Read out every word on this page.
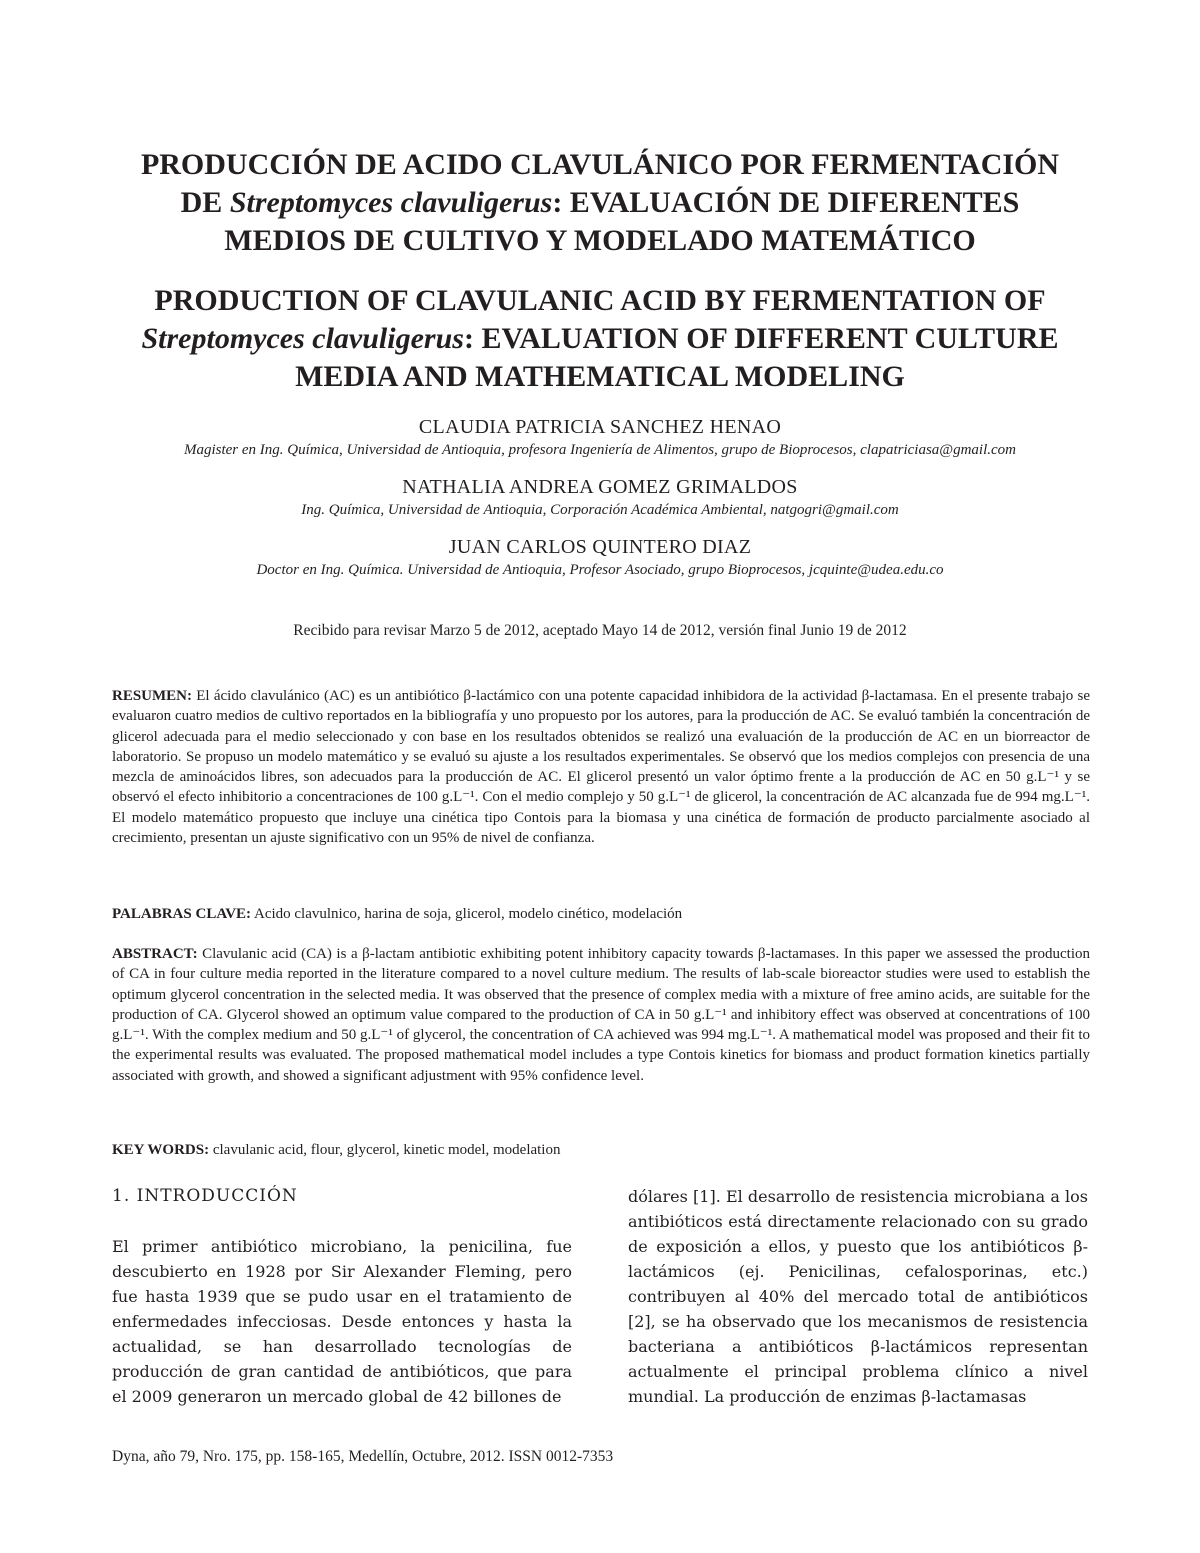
PRODUCCIÓN DE ACIDO CLAVULÁNICO POR FERMENTACIÓN
DE Streptomyces clavuligerus: EVALUACIÓN DE DIFERENTES
MEDIOS DE CULTIVO Y MODELADO MATEMÁTICO
PRODUCTION OF CLAVULANIC ACID BY FERMENTATION OF
Streptomyces clavuligerus: EVALUATION OF DIFFERENT CULTURE
MEDIA AND MATHEMATICAL MODELING
CLAUDIA PATRICIA SANCHEZ HENAO
Magister en Ing. Química, Universidad de Antioquia, profesora Ingeniería de Alimentos, grupo de Bioprocesos, clapatriciasa@gmail.com
NATHALIA ANDREA GOMEZ GRIMALDOS
Ing. Química, Universidad de Antioquia, Corporación Académica Ambiental, natgogri@gmail.com
JUAN CARLOS QUINTERO DIAZ
Doctor en Ing. Química. Universidad de Antioquia, Profesor Asociado, grupo Bioprocesos, jcquinte@udea.edu.co
Recibido para revisar Marzo 5 de 2012, aceptado Mayo 14 de 2012, versión final Junio 19 de 2012
RESUMEN: El ácido clavulánico (AC) es un antibiótico β-lactámico con una potente capacidad inhibidora de la actividad β-lactamasa. En el presente trabajo se evaluaron cuatro medios de cultivo reportados en la bibliografía y uno propuesto por los autores, para la producción de AC. Se evaluó también la concentración de glicerol adecuada para el medio seleccionado y con base en los resultados obtenidos se realizó una evaluación de la producción de AC en un biorreactor de laboratorio. Se propuso un modelo matemático y se evaluó su ajuste a los resultados experimentales. Se observó que los medios complejos con presencia de una mezcla de aminoácidos libres, son adecuados para la producción de AC. El glicerol presentó un valor óptimo frente a la producción de AC en 50 g.L⁻¹ y se observó el efecto inhibitorio a concentraciones de 100 g.L⁻¹. Con el medio complejo y 50 g.L⁻¹ de glicerol, la concentración de AC alcanzada fue de 994 mg.L⁻¹. El modelo matemático propuesto que incluye una cinética tipo Contois para la biomasa y una cinética de formación de producto parcialmente asociado al crecimiento, presentan un ajuste significativo con un 95% de nivel de confianza.
PALABRAS CLAVE: Acido clavulnico, harina de soja, glicerol, modelo cinético, modelación
ABSTRACT: Clavulanic acid (CA) is a β-lactam antibiotic exhibiting potent inhibitory capacity towards β-lactamases. In this paper we assessed the production of CA in four culture media reported in the literature compared to a novel culture medium. The results of lab-scale bioreactor studies were used to establish the optimum glycerol concentration in the selected media. It was observed that the presence of complex media with a mixture of free amino acids, are suitable for the production of CA. Glycerol showed an optimum value compared to the production of CA in 50 g.L⁻¹ and inhibitory effect was observed at concentrations of 100 g.L⁻¹. With the complex medium and 50 g.L⁻¹ of glycerol, the concentration of CA achieved was 994 mg.L⁻¹. A mathematical model was proposed and their fit to the experimental results was evaluated. The proposed mathematical model includes a type Contois kinetics for biomass and product formation kinetics partially associated with growth, and showed a significant adjustment with 95% confidence level.
KEY WORDS: clavulanic acid, flour, glycerol, kinetic model, modelation
1. INTRODUCCIÓN
El primer antibiótico microbiano, la penicilina, fue descubierto en 1928 por Sir Alexander Fleming, pero fue hasta 1939 que se pudo usar en el tratamiento de enfermedades infecciosas. Desde entonces y hasta la actualidad, se han desarrollado tecnologías de producción de gran cantidad de antibióticos, que para el 2009 generaron un mercado global de 42 billones de
dólares [1]. El desarrollo de resistencia microbiana a los antibióticos está directamente relacionado con su grado de exposición a ellos, y puesto que los antibióticos β-lactámicos (ej. Penicilinas, cefalosporinas, etc.) contribuyen al 40% del mercado total de antibióticos [2], se ha observado que los mecanismos de resistencia bacteriana a antibióticos β-lactámicos representan actualmente el principal problema clínico a nivel mundial. La producción de enzimas β-lactamasas
Dyna, año 79, Nro. 175, pp. 158-165, Medellín, Octubre, 2012. ISSN 0012-7353
